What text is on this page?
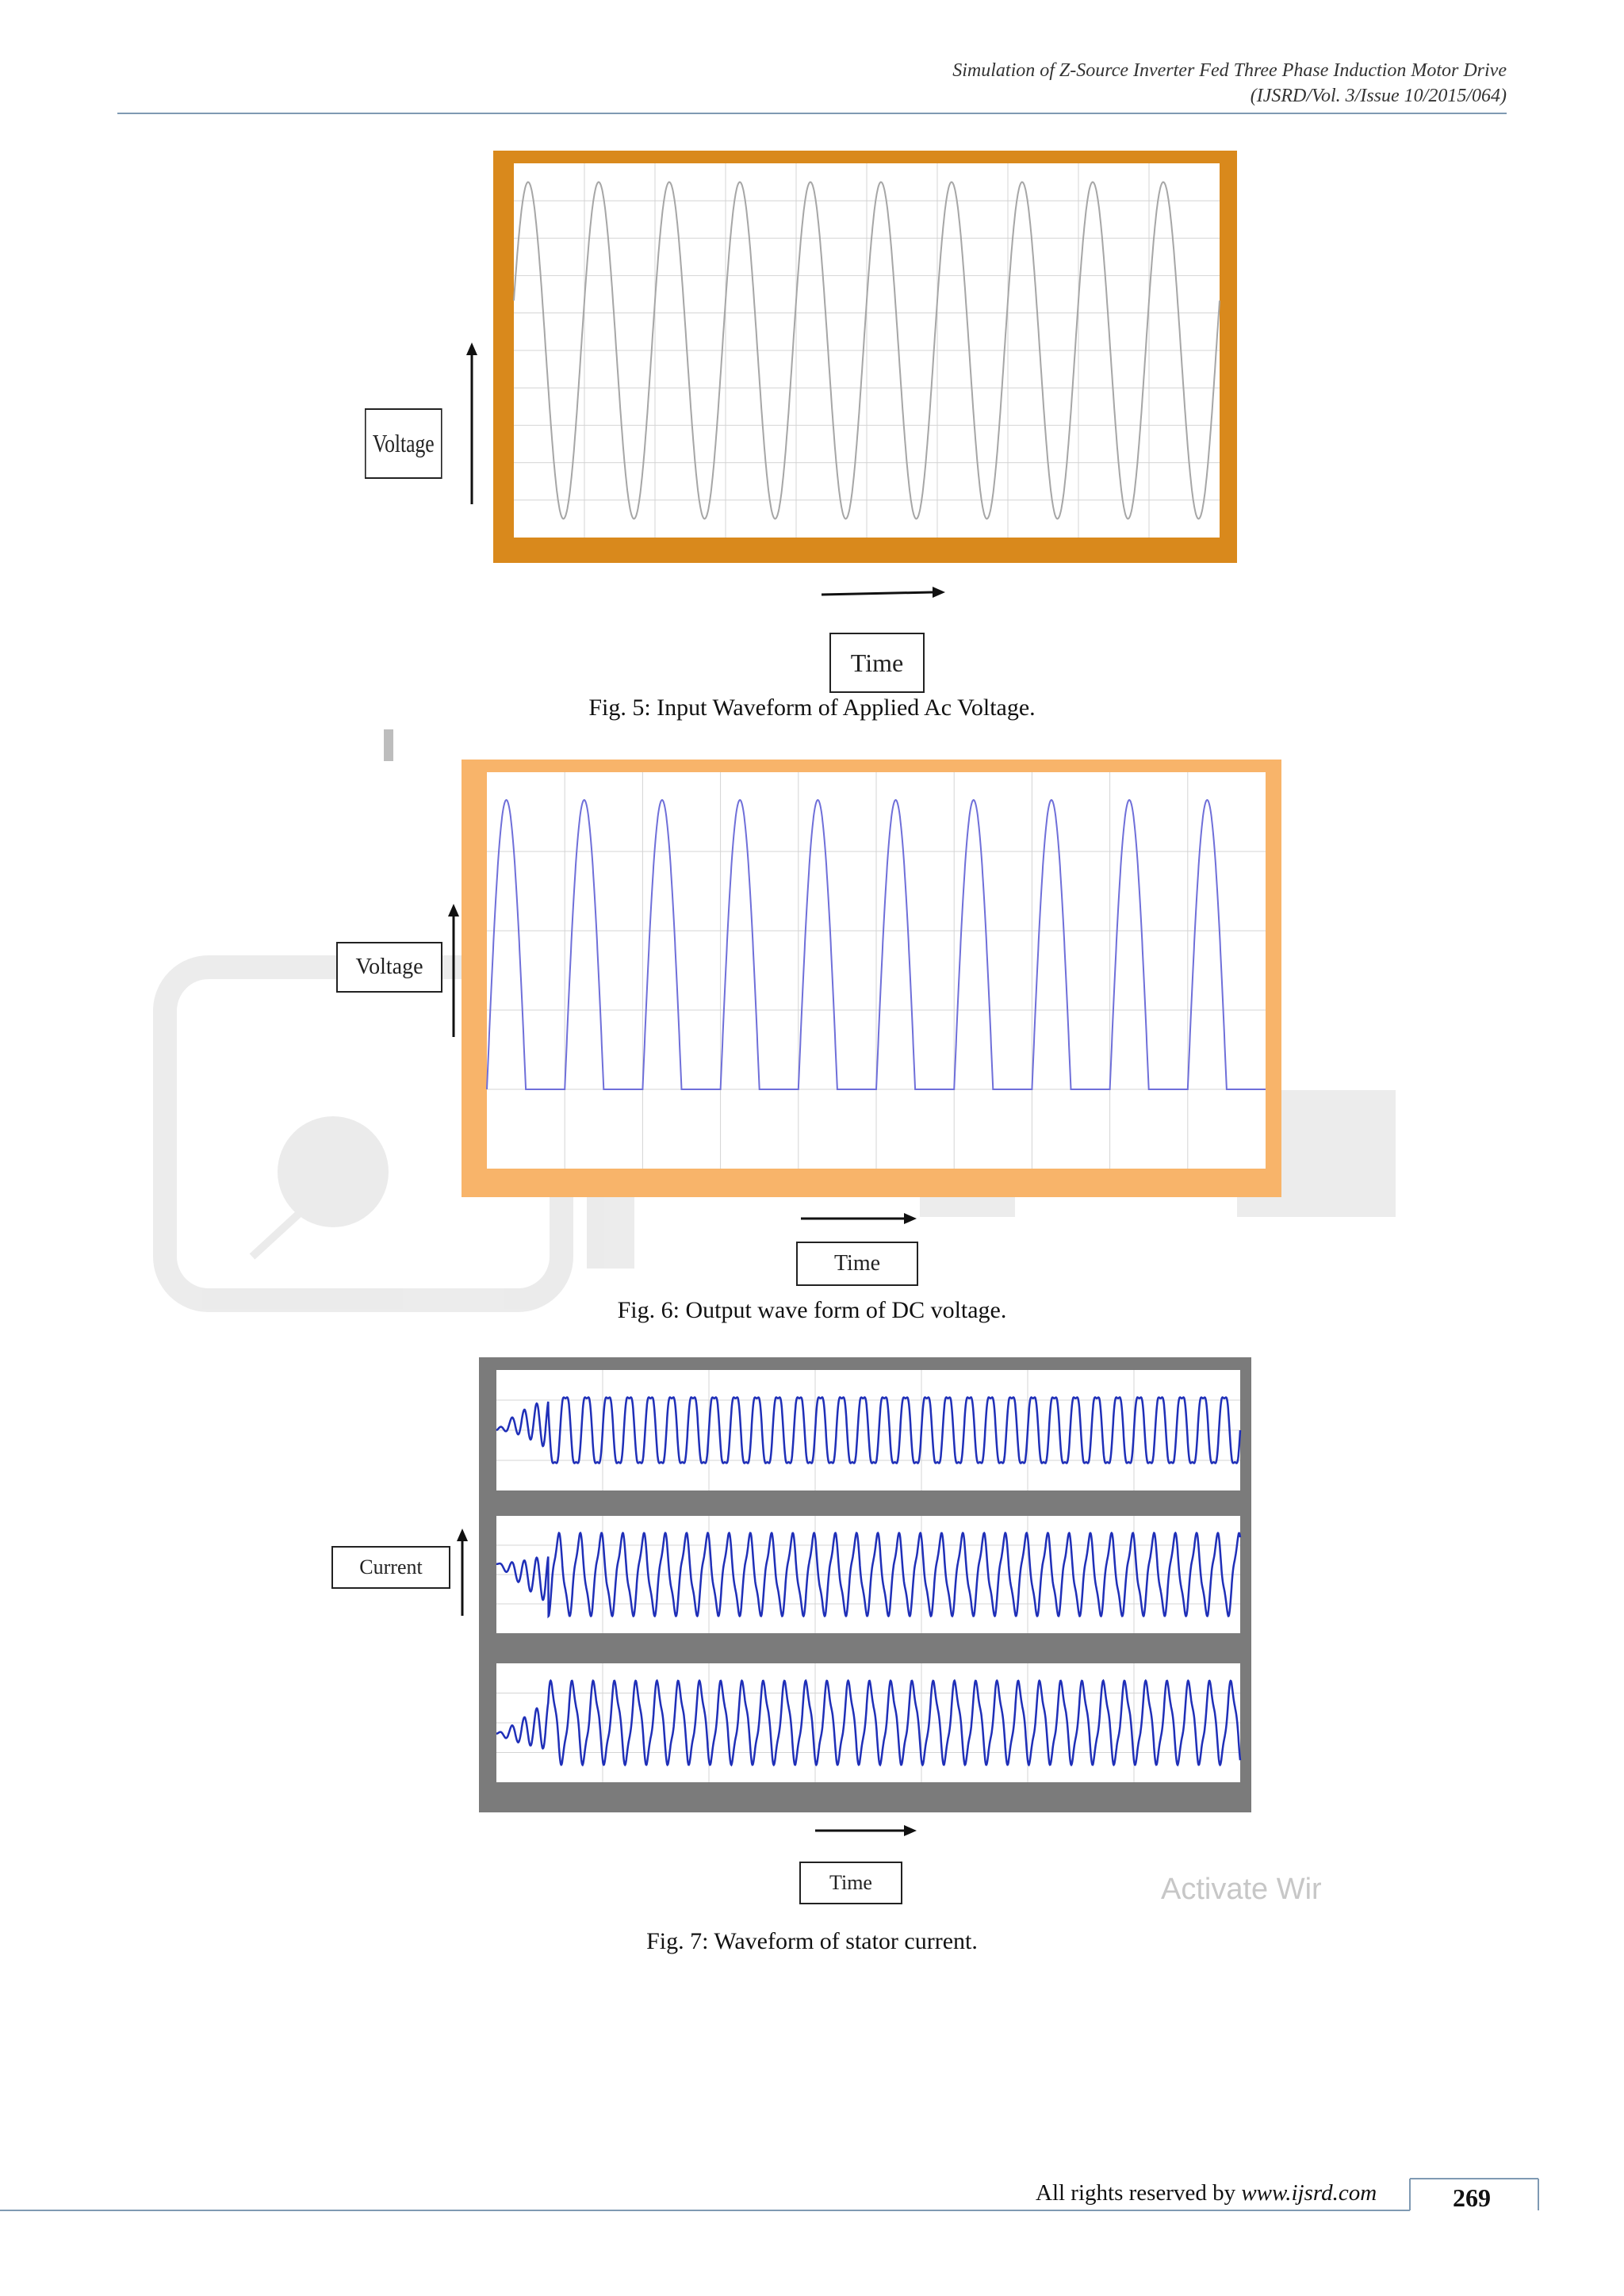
Simulation of Z-Source Inverter Fed Three Phase Induction Motor Drive
(IJSRD/Vol. 3/Issue 10/2015/064)
Voltage
Time
Fig. 5: Input Waveform of Applied Ac Voltage.
Voltage
Time
Fig. 6: Output wave form of DC voltage.
Current
Time	Activate Wir
Fig. 7: Waveform of stator current.
All rights reserved by www.ijsrd.com	269
